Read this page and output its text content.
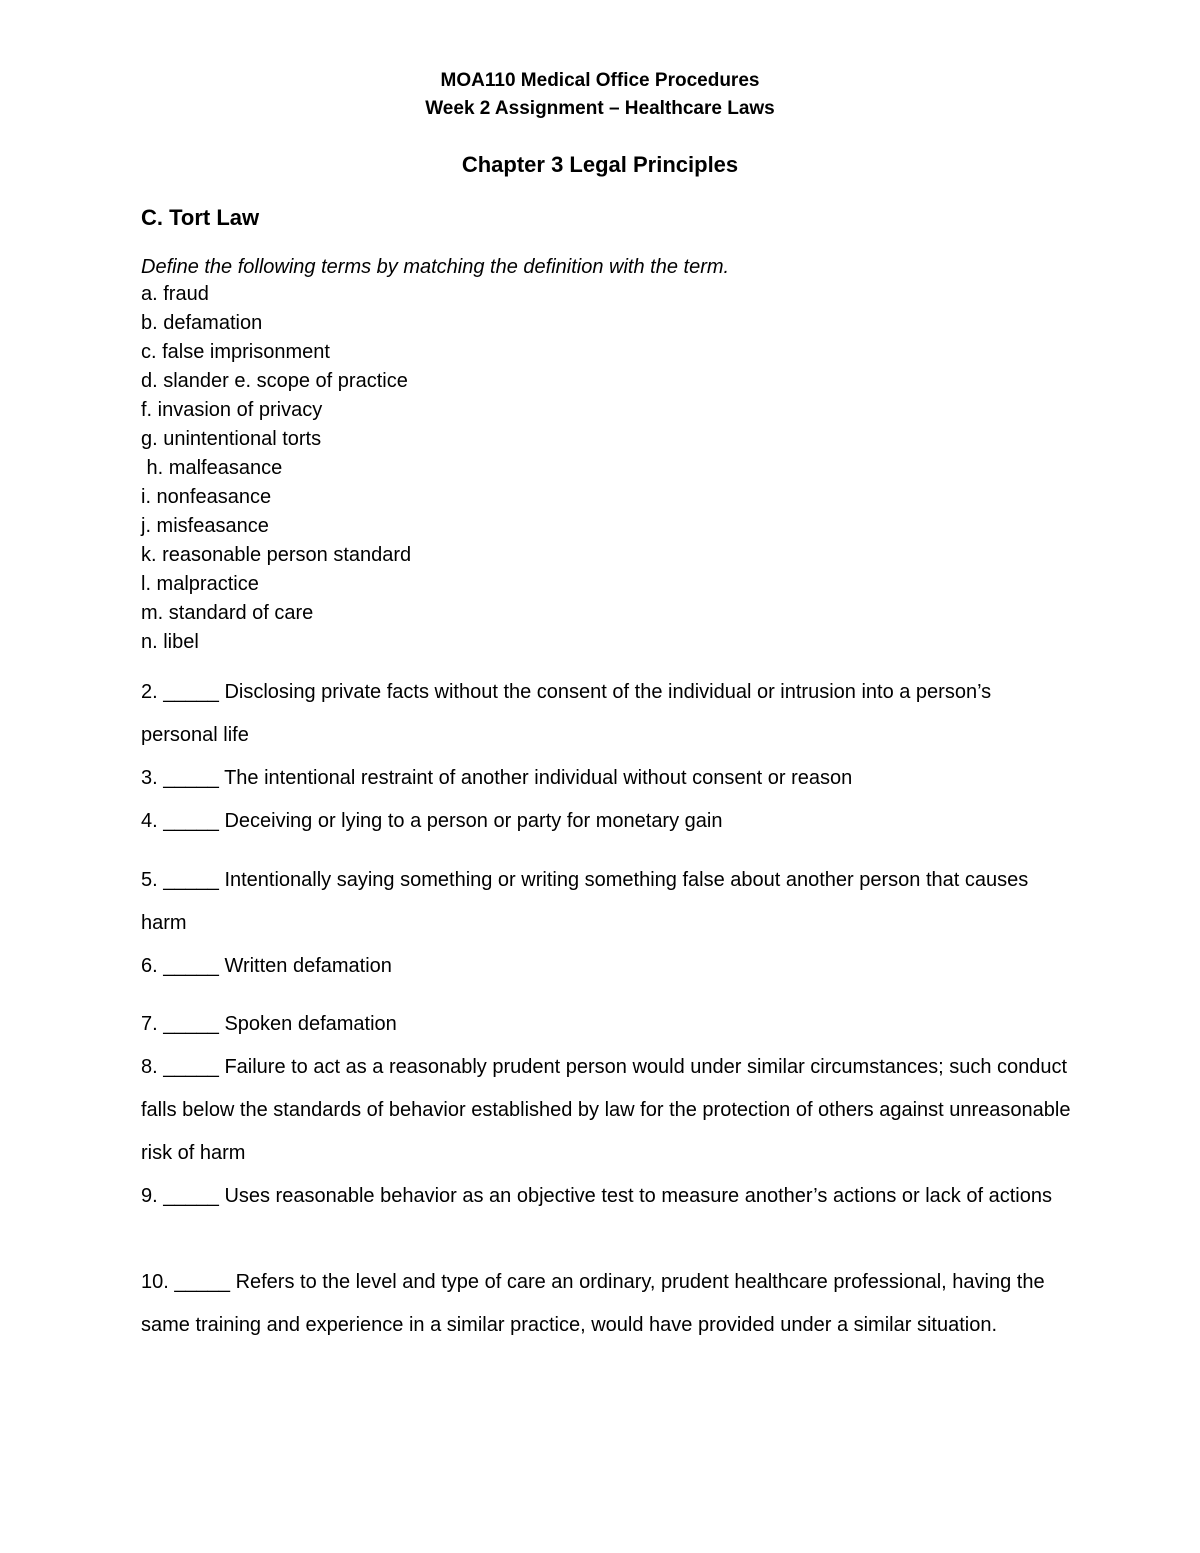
MOA110 Medical Office Procedures
Week 2 Assignment – Healthcare Laws
Chapter 3 Legal Principles
C. Tort Law
Define the following terms by matching the definition with the term.
a. fraud
b. defamation
c. false imprisonment
d. slander e. scope of practice
f. invasion of privacy
g. unintentional torts
h. malfeasance
i. nonfeasance
j. misfeasance
k. reasonable person standard
l. malpractice
m. standard of care
n. libel
2. _____ Disclosing private facts without the consent of the individual or intrusion into a person’s personal life
3. _____ The intentional restraint of another individual without consent or reason
4. _____ Deceiving or lying to a person or party for monetary gain
5. _____ Intentionally saying something or writing something false about another person that causes harm
6. _____ Written defamation
7. _____ Spoken defamation
8. _____ Failure to act as a reasonably prudent person would under similar circumstances; such conduct falls below the standards of behavior established by law for the protection of others against unreasonable risk of harm
9. _____ Uses reasonable behavior as an objective test to measure another’s actions or lack of actions
10. _____ Refers to the level and type of care an ordinary, prudent healthcare professional, having the same training and experience in a similar practice, would have provided under a similar situation.
